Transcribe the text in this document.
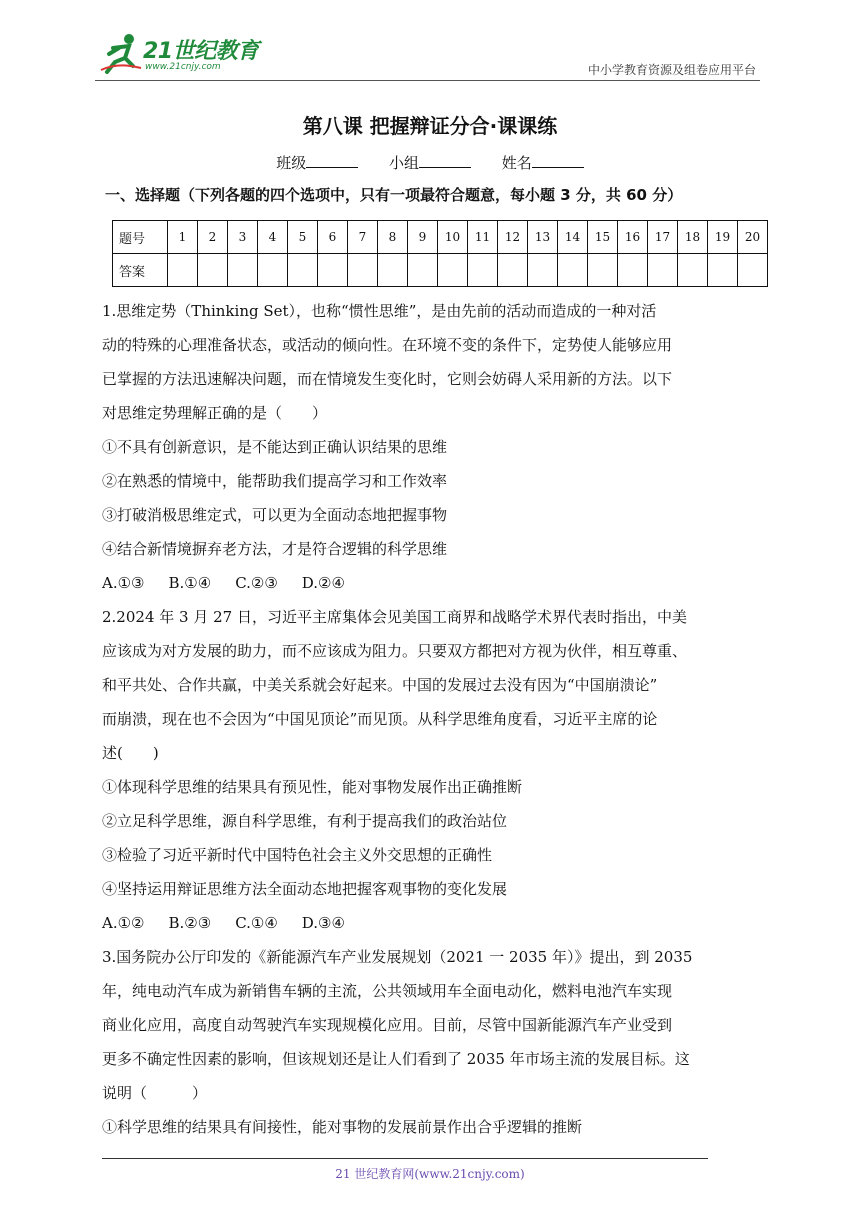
21世纪教育
www.21cnjy.com	中小学教育资源及组卷应用平台
第八课 把握辩证分合·课课练
班级	小组	姓名
一、选择题（下列各题的四个选项中，只有一项最符合题意，每小题 3 分，共 60 分）
题号	1	2	3	4	5	6	7	8	9	10	11	12	13	14	15	16	17	18	19	20
答案																				

1.思维定势（Thinking Set），也称“惯性思维”，是由先前的活动而造成的一种对活

动的特殊的心理准备状态，或活动的倾向性。在环境不变的条件下，定势使人能够应用

已掌握的方法迅速解决问题，而在情境发生变化时，它则会妨碍人采用新的方法。以下

对思维定势理解正确的是（　　）

①不具有创新意识，是不能达到正确认识结果的思维

②在熟悉的情境中，能帮助我们提高学习和工作效率

③打破消极思维定式，可以更为全面动态地把握事物

④结合新情境摒弃老方法，才是符合逻辑的科学思维

A.①③ B.①④ C.②③ D.②④

2.2024 年 3 月 27 日，习近平主席集体会见美国工商界和战略学术界代表时指出，中美

应该成为对方发展的助力，而不应该成为阻力。只要双方都把对方视为伙伴，相互尊重、

和平共处、合作共赢，中美关系就会好起来。中国的发展过去没有因为“中国崩溃论”

而崩溃，现在也不会因为“中国见顶论”而见顶。从科学思维角度看，习近平主席的论

述(　　)

①体现科学思维的结果具有预见性，能对事物发展作出正确推断

②立足科学思维，源自科学思维，有利于提高我们的政治站位

③检验了习近平新时代中国特色社会主义外交思想的正确性

④坚持运用辩证思维方法全面动态地把握客观事物的变化发展

A.①② B.②③ C.①④ D.③④

3.国务院办公厅印发的《新能源汽车产业发展规划（2021 一 2035 年）》提出，到 2035

年，纯电动汽车成为新销售车辆的主流，公共领域用车全面电动化，燃料电池汽车实现

商业化应用，高度自动驾驶汽车实现规模化应用。目前，尽管中国新能源汽车产业受到

更多不确定性因素的影响，但该规划还是让人们看到了 2035 年市场主流的发展目标。这

说明（　　　）

①科学思维的结果具有间接性，能对事物的发展前景作出合乎逻辑的推断

21 世纪教育网(www.21cnjy.com)
